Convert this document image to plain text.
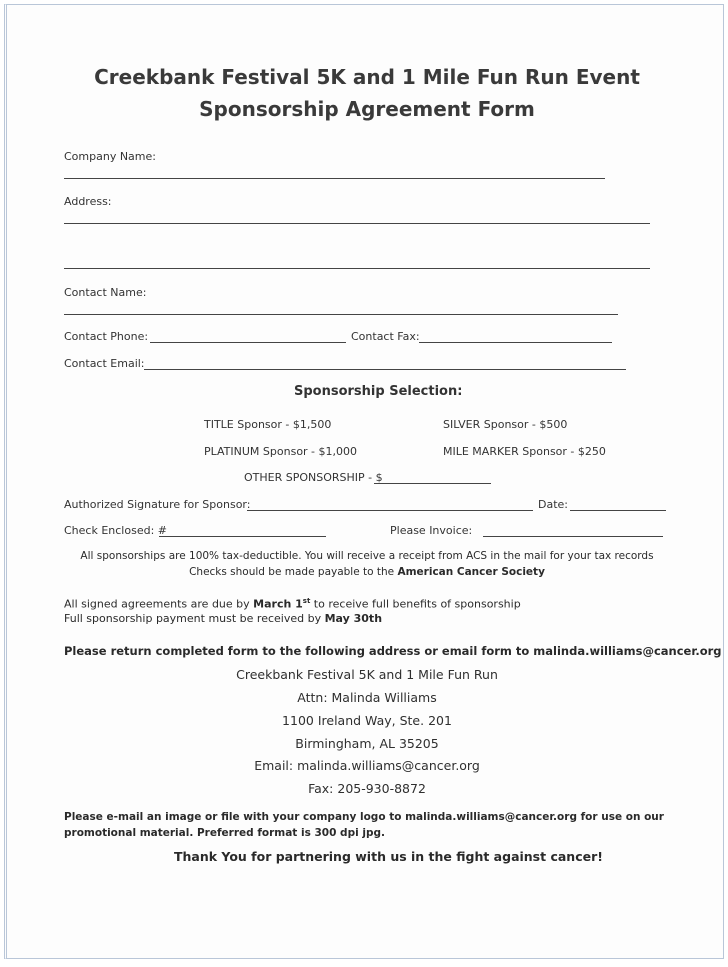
Creekbank Festival 5K and 1 Mile Fun Run Event
Sponsorship Agreement Form
Company Name:
Address:
Contact Name:
Contact Phone:	Contact Fax:
Contact Email:
Sponsorship Selection:
TITLE Sponsor - $1,500	SILVER Sponsor - $500
PLATINUM Sponsor - $1,000	MILE MARKER Sponsor - $250
OTHER SPONSORSHIP - $
Authorized Signature for Sponsor:	Date:
Check Enclosed: #	Please Invoice:
All sponsorships are 100% tax-deductible. You will receive a receipt from ACS in the mail for your tax records
Checks should be made payable to the American Cancer Society
All signed agreements are due by March 1st to receive full benefits of sponsorship
Full sponsorship payment must be received by May 30th
Please return completed form to the following address or email form to malinda.williams@cancer.org
Creekbank Festival 5K and 1 Mile Fun Run
Attn: Malinda Williams
1100 Ireland Way, Ste. 201
Birmingham, AL 35205
Email: malinda.williams@cancer.org
Fax: 205-930-8872
Please e-mail an image or file with your company logo to malinda.williams@cancer.org for use on our
promotional material. Preferred format is 300 dpi jpg.
Thank You for partnering with us in the fight against cancer!
